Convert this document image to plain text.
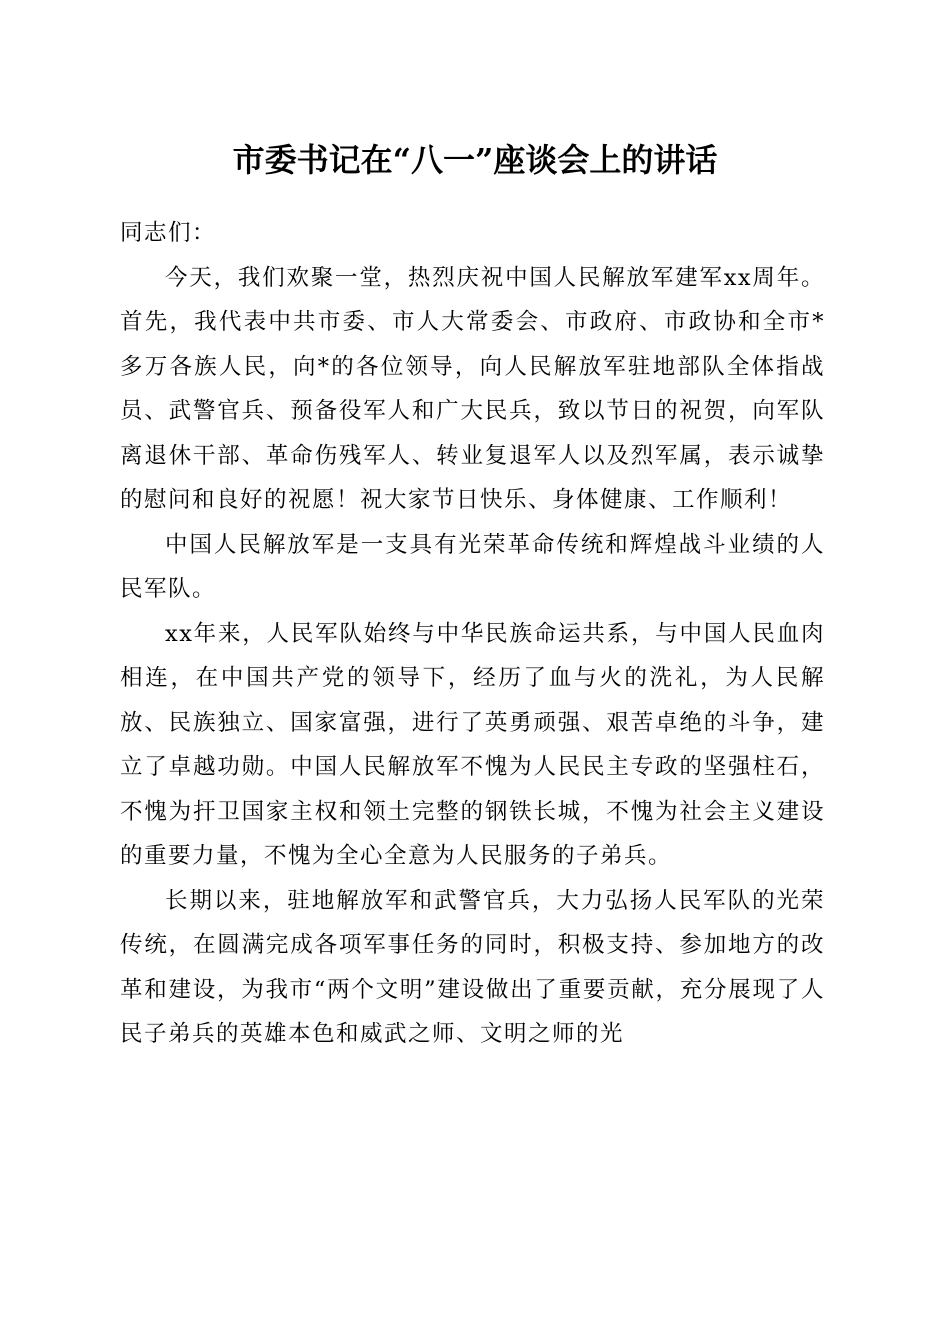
市委书记在“八一”座谈会上的讲话

同志们：

今天，我们欢聚一堂，热烈庆祝中国人民解放军建军xx周年。首先，我代表中共市委、市人大常委会、市政府、市政协和全市*多万各族人民，向*的各位领导，向人民解放军驻地部队全体指战员、武警官兵、预备役军人和广大民兵，致以节日的祝贺，向军队离退休干部、革命伤残军人、转业复退军人以及烈军属，表示诚挚的慰问和良好的祝愿！祝大家节日快乐、身体健康、工作顺利！

中国人民解放军是一支具有光荣革命传统和辉煌战斗业绩的人民军队。

xx年来，人民军队始终与中华民族命运共系，与中国人民血肉相连，在中国共产党的领导下，经历了血与火的洗礼，为人民解放、民族独立、国家富强，进行了英勇顽强、艰苦卓绝的斗争，建立了卓越功勋。中国人民解放军不愧为人民民主专政的坚强柱石，不愧为扞卫国家主权和领土完整的钢铁长城，不愧为社会主义建设的重要力量，不愧为全心全意为人民服务的子弟兵。

长期以来，驻地解放军和武警官兵，大力弘扬人民军队的光荣传统，在圆满完成各项军事任务的同时，积极支持、参加地方的改革和建设，为我市“两个文明”建设做出了重要贡献，充分展现了人民子弟兵的英雄本色和威武之师、文明之师的光
